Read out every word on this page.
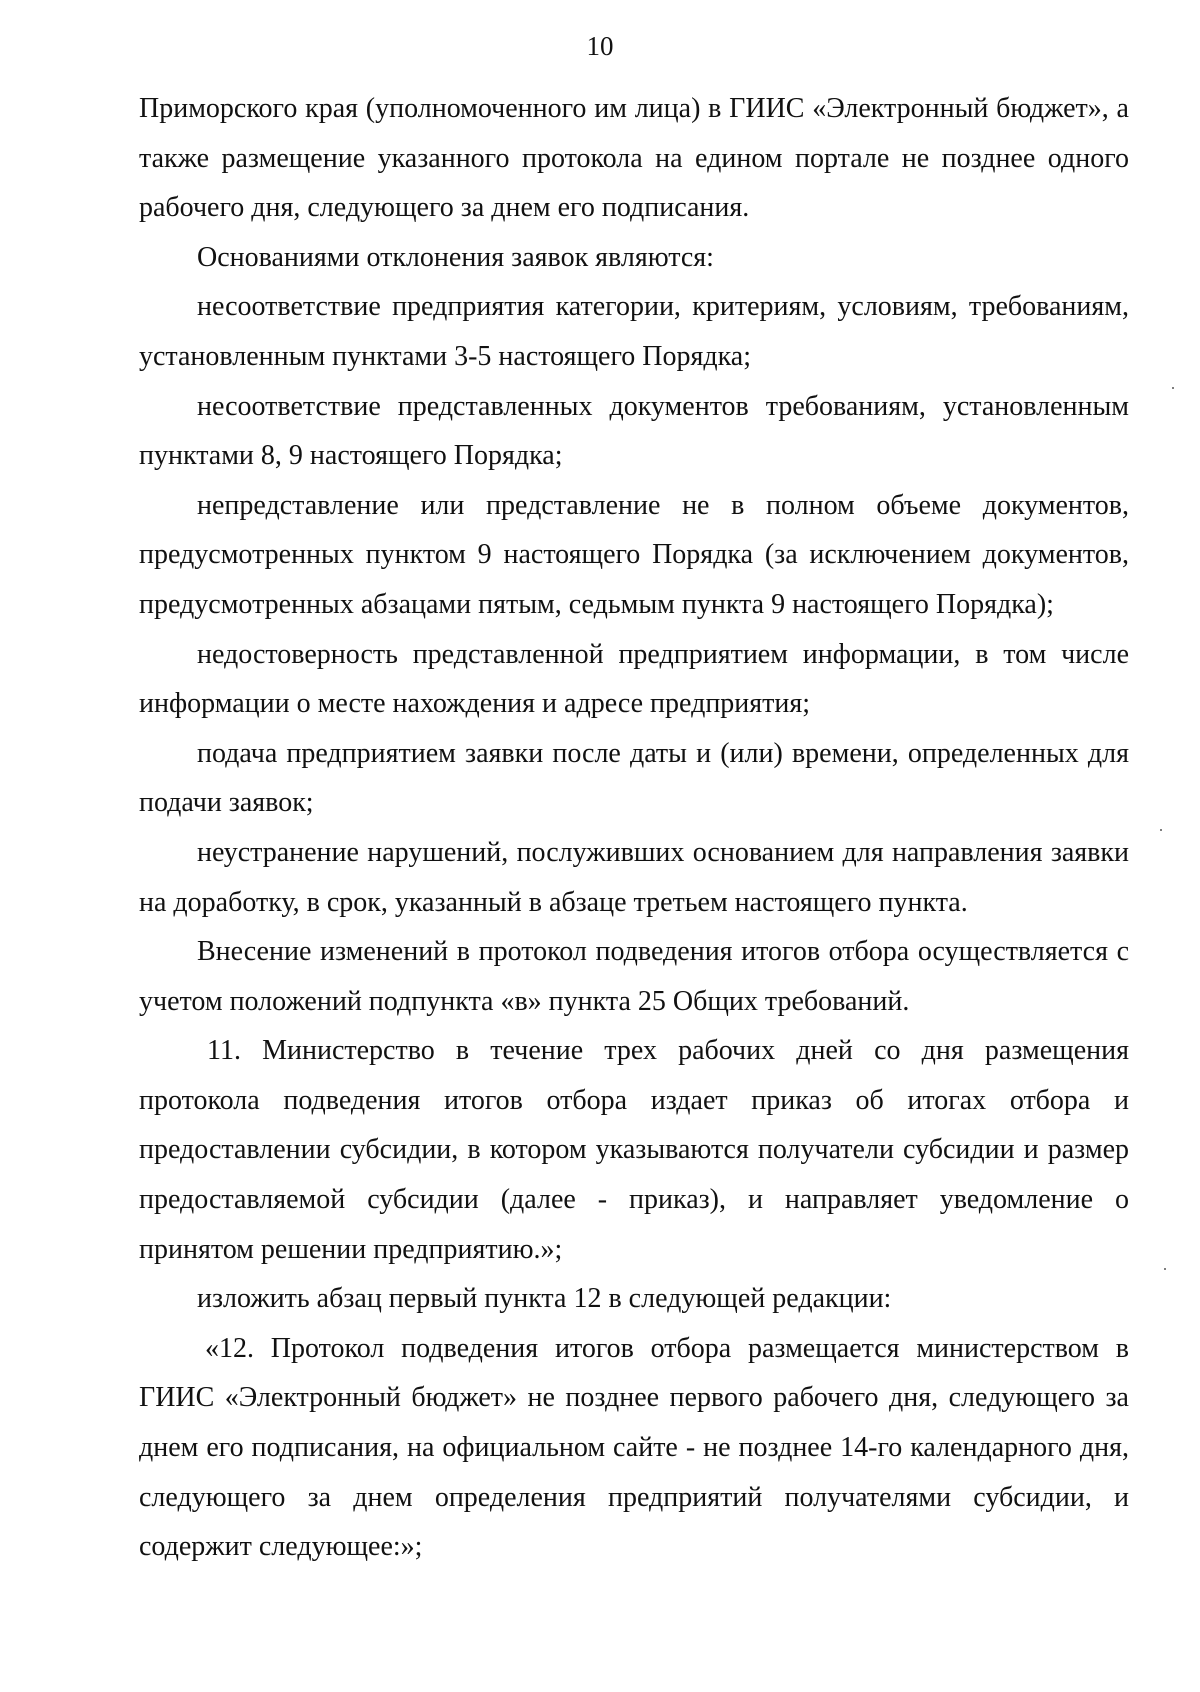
10

Приморского края (уполномоченного им лица) в ГИИС «Электронный бюджет», а также размещение указанного протокола на едином портале не позднее одного рабочего дня, следующего за днем его подписания.

Основаниями отклонения заявок являются:

несоответствие предприятия категории, критериям, условиям, требованиям, установленным пунктами 3-5 настоящего Порядка;

несоответствие представленных документов требованиям, установленным пунктами 8, 9 настоящего Порядка;

непредставление или представление не в полном объеме документов, предусмотренных пунктом 9 настоящего Порядка (за исключением документов, предусмотренных абзацами пятым, седьмым пункта 9 настоящего Порядка);

недостоверность представленной предприятием информации, в том числе информации о месте нахождения и адресе предприятия;

подача предприятием заявки после даты и (или) времени, определенных для подачи заявок;

неустранение нарушений, послуживших основанием для направления заявки на доработку, в срок, указанный в абзаце третьем настоящего пункта.

Внесение изменений в протокол подведения итогов отбора осуществляется с учетом положений подпункта «в» пункта 25 Общих требований.

11. Министерство в течение трех рабочих дней со дня размещения протокола подведения итогов отбора издает приказ об итогах отбора и предоставлении субсидии, в котором указываются получатели субсидии и размер предоставляемой субсидии (далее - приказ), и направляет уведомление о принятом решении предприятию.»;

изложить абзац первый пункта 12 в следующей редакции:

«12. Протокол подведения итогов отбора размещается министерством в ГИИС «Электронный бюджет» не позднее первого рабочего дня, следующего за днем его подписания, на официальном сайте - не позднее 14-го календарного дня, следующего за днем определения предприятий получателями субсидии, и содержит следующее:»;
